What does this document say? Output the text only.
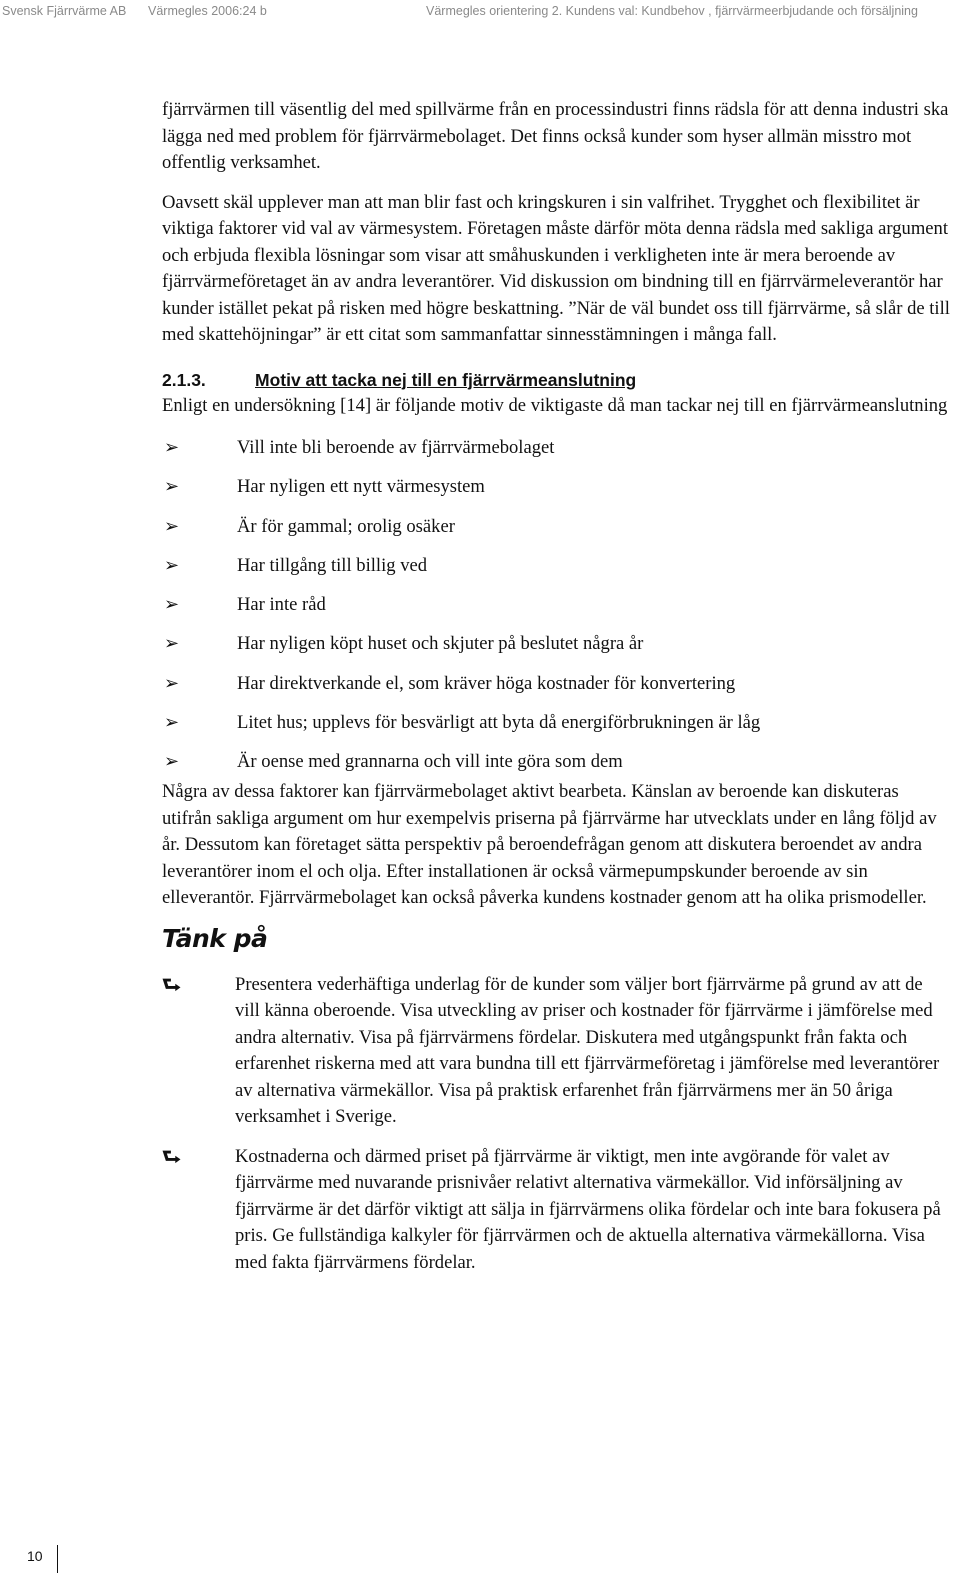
Svensk Fjärrvärme AB Värmegles 2006:24 b	Värmegles orientering 2. Kundens val: Kundbehov , fjärrvärmeerbjudande och försäljning

fjärrvärmen till väsentlig del med spillvärme från en processindustri finns rädsla för att denna industri ska lägga ned med problem för fjärrvärmebolaget. Det finns också kunder som hyser allmän misstro mot offentlig verksamhet.

Oavsett skäl upplever man att man blir fast och kringskuren i sin valfrihet. Trygghet och flexibilitet är viktiga faktorer vid val av värmesystem. Företagen måste därför möta denna rädsla med sakliga argument och erbjuda flexibla lösningar som visar att småhuskunden i verkligheten inte är mera beroende av fjärrvärmeföretaget än av andra leverantörer. Vid diskussion om bindning till en fjärrvärmeleverantör har kunder istället pekat på risken med högre beskattning. ”När de väl bundet oss till fjärrvärme, så slår de till med skattehöjningar” är ett citat som sammanfattar sinnesstämningen i många fall.

2.1.3.	Motiv att tacka nej till en fjärrvärmeanslutning

Enligt en undersökning [14] är följande motiv de viktigaste då man tackar nej till en fjärrvärmeanslutning

➢	Vill inte bli beroende av fjärrvärmebolaget
➢	Har nyligen ett nytt värmesystem
➢	Är för gammal; orolig osäker
➢	Har tillgång till billig ved
➢	Har inte råd
➢	Har nyligen köpt huset och skjuter på beslutet några år
➢	Har direktverkande el, som kräver höga kostnader för konvertering
➢	Litet hus; upplevs för besvärligt att byta då energiförbrukningen är låg
➢	Är oense med grannarna och vill inte göra som dem

Några av dessa faktorer kan fjärrvärmebolaget aktivt bearbeta. Känslan av beroende kan diskuteras utifrån sakliga argument om hur exempelvis priserna på fjärrvärme har utvecklats under en lång följd av år. Dessutom kan företaget sätta perspektiv på beroendefrågan genom att diskutera beroendet av andra leverantörer inom el och olja. Efter installationen är också värmepumpskunder beroende av sin elleverantör. Fjärrvärmebolaget kan också påverka kundens kostnader genom att ha olika prismodeller.

Tänk på
⮑	Presentera vederhäftiga underlag för de kunder som väljer bort fjärrvärme på grund av att de vill känna oberoende. Visa utveckling av priser och kostnader för fjärrvärme i jämförelse med andra alternativ. Visa på fjärrvärmens fördelar. Diskutera med utgångspunkt från fakta och erfarenhet riskerna med att vara bundna till ett fjärrvärmeföretag i jämförelse med leverantörer av alternativa värmekällor. Visa på praktisk erfarenhet från fjärrvärmens mer än 50 åriga verksamhet i Sverige.
⮑	Kostnaderna och därmed priset på fjärrvärme är viktigt, men inte avgörande för valet av fjärrvärme med nuvarande prisnivåer relativt alternativa värmekällor. Vid införsäljning av fjärrvärme är det därför viktigt att sälja in fjärrvärmens olika fördelar och inte bara fokusera på pris. Ge fullständiga kalkyler för fjärrvärmen och de aktuella alternativa värmekällorna. Visa med fakta fjärrvärmens fördelar.
10
